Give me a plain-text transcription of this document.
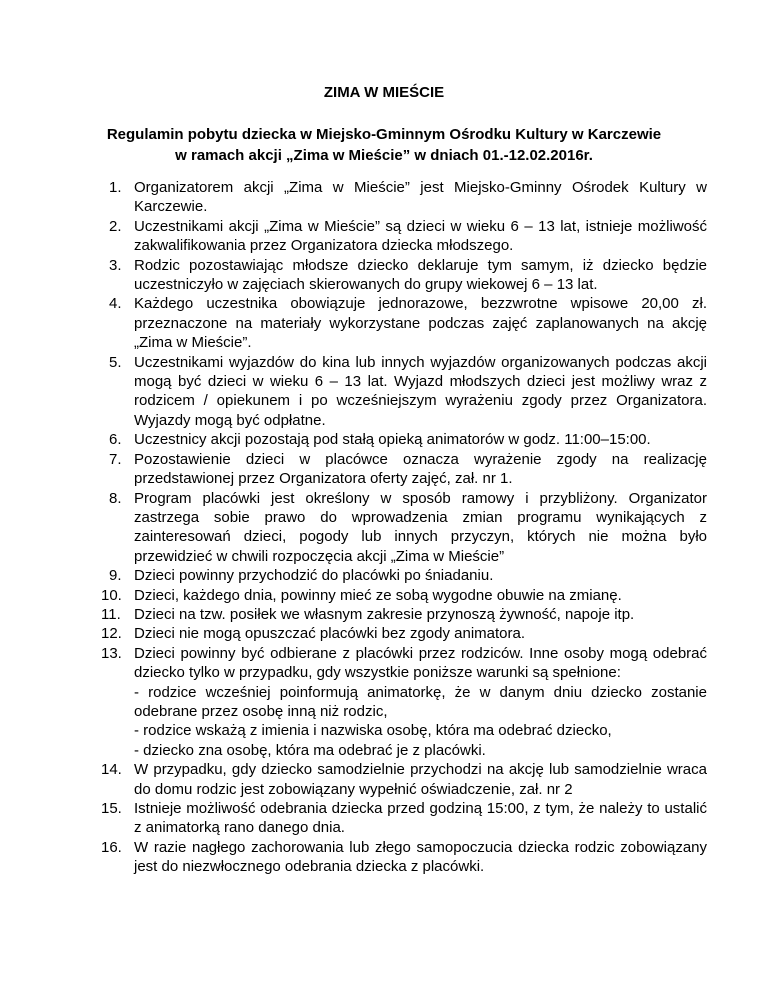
ZIMA W MIEŚCIE
Regulamin pobytu dziecka w Miejsko-Gminnym Ośrodku Kultury w Karczewie
w ramach akcji „Zima w Mieście” w dniach 01.-12.02.2016r.
1. Organizatorem akcji „Zima w Mieście” jest Miejsko-Gminny Ośrodek Kultury w Karczewie.
2. Uczestnikami akcji „Zima w Mieście” są dzieci w wieku 6 – 13 lat, istnieje możliwość zakwalifikowania przez Organizatora dziecka młodszego.
3. Rodzic pozostawiając młodsze dziecko deklaruje tym samym, iż dziecko będzie uczestniczyło w zajęciach skierowanych do grupy wiekowej 6 – 13 lat.
4. Każdego uczestnika obowiązuje jednorazowe, bezzwrotne wpisowe 20,00 zł. przeznaczone na materiały wykorzystane podczas zajęć zaplanowanych na akcję „Zima w Mieście”.
5. Uczestnikami wyjazdów do kina lub innych wyjazdów organizowanych podczas akcji mogą być dzieci w wieku 6 – 13 lat. Wyjazd młodszych dzieci jest możliwy wraz z rodzicem / opiekunem i po wcześniejszym wyrażeniu zgody przez Organizatora. Wyjazdy mogą być odpłatne.
6. Uczestnicy akcji pozostają pod stałą opieką animatorów w godz. 11:00–15:00.
7. Pozostawienie dzieci w placówce oznacza wyrażenie zgody na realizację przedstawionej przez Organizatora oferty zajęć, zał. nr 1.
8. Program placówki jest określony w sposób ramowy i przybliżony. Organizator zastrzega sobie prawo do wprowadzenia zmian programu wynikających z zainteresowań dzieci, pogody lub innych przyczyn, których nie można było przewidzieć w chwili rozpoczęcia akcji „Zima w Mieście”
9. Dzieci powinny przychodzić do placówki po śniadaniu.
10. Dzieci, każdego dnia, powinny mieć ze sobą wygodne obuwie na zmianę.
11. Dzieci na tzw. posiłek we własnym zakresie przynoszą żywność, napoje itp.
12. Dzieci nie mogą opuszczać placówki bez zgody animatora.
13. Dzieci powinny być odbierane z placówki przez rodziców. Inne osoby mogą odebrać dziecko tylko w przypadku, gdy wszystkie poniższe warunki są spełnione:
- rodzice wcześniej poinformują animatorkę, że w danym dniu dziecko zostanie odebrane przez osobę inną niż rodzic,
- rodzice wskażą z imienia i nazwiska osobę, która ma odebrać dziecko,
- dziecko zna osobę, która ma odebrać je z placówki.
14. W przypadku, gdy dziecko samodzielnie przychodzi na akcję lub samodzielnie wraca do domu rodzic jest zobowiązany wypełnić oświadczenie, zał. nr 2
15. Istnieje możliwość odebrania dziecka przed godziną 15:00, z tym, że należy to ustalić z animatorką rano danego dnia.
16. W razie nagłego zachorowania lub złego samopoczucia dziecka rodzic zobowiązany jest do niezwłocznego odebrania dziecka z placówki.
